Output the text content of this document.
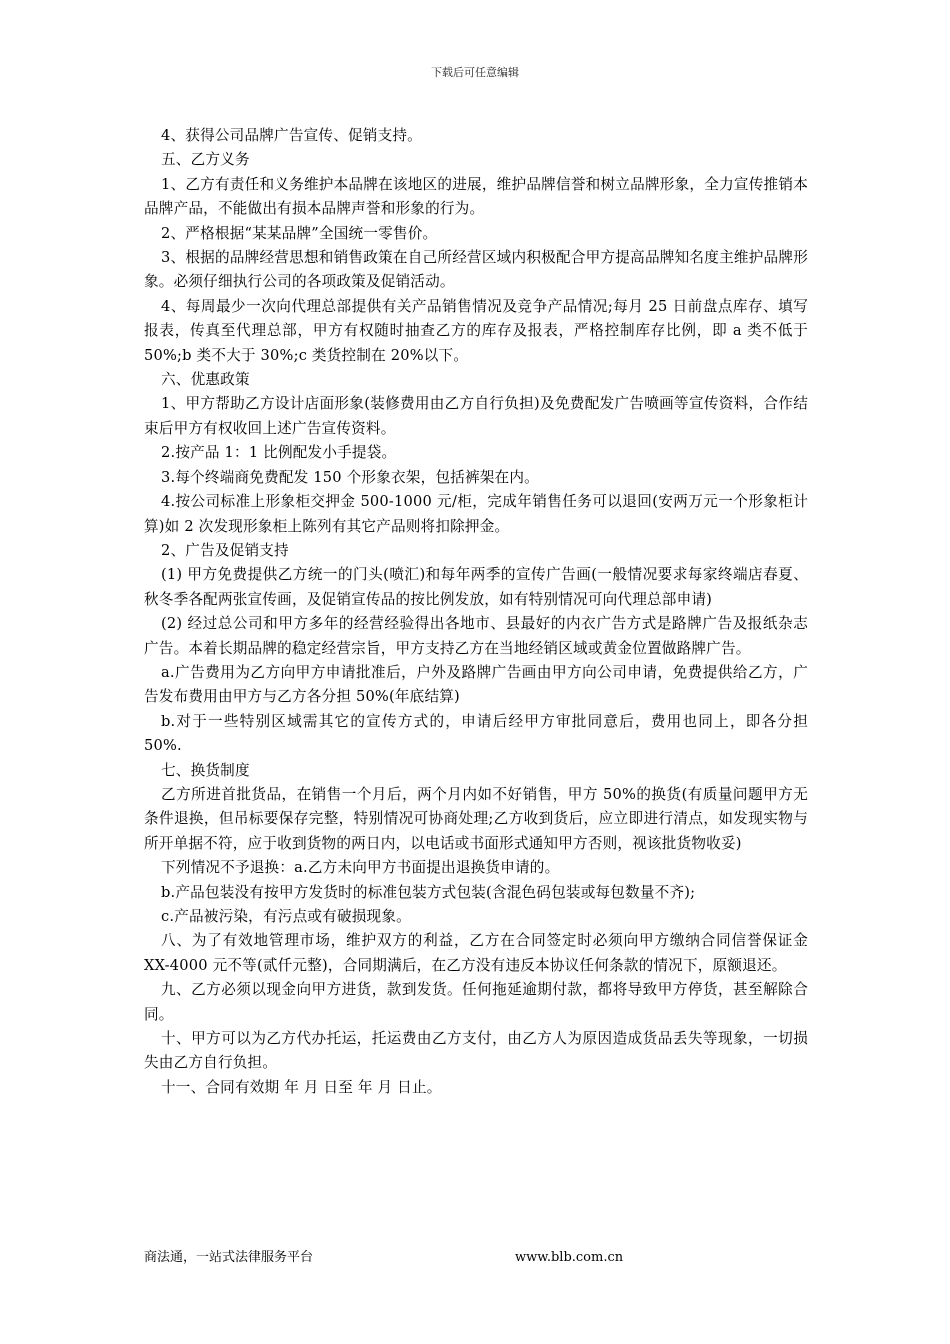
下载后可任意编辑

4、获得公司品牌广告宣传、促销支持。

五、乙方义务

1、乙方有责任和义务维护本品牌在该地区的进展，维护品牌信誉和树立品牌形象，全力宣传推销本品牌产品，不能做出有损本品牌声誉和形象的行为。

2、严格根据“某某品牌”全国统一零售价。

3、根据的品牌经营思想和销售政策在自己所经营区域内积极配合甲方提高品牌知名度主维护品牌形象。必须仔细执行公司的各项政策及促销活动。

4、每周最少一次向代理总部提供有关产品销售情况及竞争产品情况;每月 25 日前盘点库存、填写报表，传真至代理总部，甲方有权随时抽查乙方的库存及报表，严格控制库存比例，即 a 类不低于 50%;b 类不大于 30%;c 类货控制在 20%以下。

六、优惠政策

1、甲方帮助乙方设计店面形象(装修费用由乙方自行负担)及免费配发广告喷画等宣传资料，合作结束后甲方有权收回上述广告宣传资料。

2.按产品 1：1 比例配发小手提袋。

3.每个终端商免费配发 150 个形象衣架，包括裤架在内。

4.按公司标准上形象柜交押金 500-1000 元/柜，完成年销售任务可以退回(安两万元一个形象柜计算)如 2 次发现形象柜上陈列有其它产品则将扣除押金。

2、广告及促销支持

(1) 甲方免费提供乙方统一的门头(喷汇)和每年两季的宣传广告画(一般情况要求每家终端店春夏、秋冬季各配两张宣传画，及促销宣传品的按比例发放，如有特别情况可向代理总部申请)

(2) 经过总公司和甲方多年的经营经验得出各地市、县最好的内衣广告方式是路牌广告及报纸杂志广告。本着长期品牌的稳定经营宗旨，甲方支持乙方在当地经销区域或黄金位置做路牌广告。

a.广告费用为乙方向甲方申请批准后，户外及路牌广告画由甲方向公司申请，免费提供给乙方，广告发布费用由甲方与乙方各分担 50%(年底结算)

b.对于一些特别区域需其它的宣传方式的，申请后经甲方审批同意后，费用也同上，即各分担 50%.

七、换货制度

乙方所进首批货品，在销售一个月后，两个月内如不好销售，甲方 50%的换货(有质量问题甲方无条件退换，但吊标要保存完整，特别情况可协商处理;乙方收到货后，应立即进行清点，如发现实物与所开单据不符，应于收到货物的两日内，以电话或书面形式通知甲方否则，视该批货物收妥)

下列情况不予退换：a.乙方未向甲方书面提出退换货申请的。

b.产品包装没有按甲方发货时的标准包装方式包装(含混色码包装或每包数量不齐);

c.产品被污染，有污点或有破损现象。

八、为了有效地管理市场，维护双方的利益，乙方在合同签定时必须向甲方缴纳合同信誉保证金 XX-4000 元不等(贰仟元整)，合同期满后，在乙方没有违反本协议任何条款的情况下，原额退还。

九、乙方必须以现金向甲方进货，款到发货。任何拖延逾期付款，都将导致甲方停货，甚至解除合同。

十、甲方可以为乙方代办托运，托运费由乙方支付，由乙方人为原因造成货品丢失等现象，一切损失由乙方自行负担。

十一、合同有效期 年 月 日至 年 月 日止。

商法通，一站式法律服务平台	www.blb.com.cn
